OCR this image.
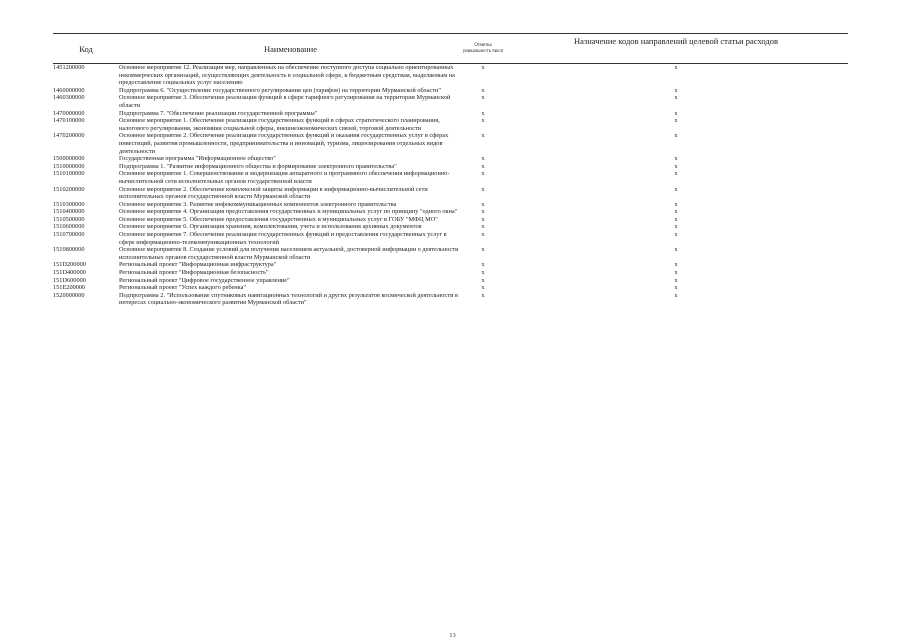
Код	Наименование	Отметка уникальность таксп	Назначение кодов направлений целевой статьи расходов
1451200000	Основное мероприятие 12. Реализация мер, направленных на обеспечение поступного доступа социально ориентированных некоммерческих организаций, осуществляющих деятельность в социальной сфере, к бюджетным средствам, выделяемым на предоставление социальных услуг населению	x	x
1460000000	Подпрограмма 6. "Осуществление государственного регулирования цен (тарифов) на территории Мурманской области"	x	x
1460300000	Основное мероприятие 3. Обеспечение реализации функций в сфере тарифного регулирования на территории Мурманской области	x	x
1470000000	Подпрограмма 7. "Обеспечение реализации государственной программы"	x	x
1470100000	Основное мероприятие 1. Обеспечение реализации государственных функций в сферах стратегического планирования, налогового регулирования, экономики социальной сферы, внешнеэкономических связей, торговой деятельности	x	x
1470200000	Основное мероприятие 2. Обеспечение реализации государственных функций и оказания государственных услуг в сферах инвестиций, развития промышленности, предпринимательства и инноваций, туризма, лицензирования отдельных видов деятельности	x	x
1500000000	Государственная программа "Информационное общество"	x	x
1510000000	Подпрограмма 1. "Развитие информационного общества и формирование электронного правительства"	x	x
1510100000	Основное мероприятие 1. Совершенствование и модернизация аппаратного и программного обеспечения информационно-вычислительной сети исполнительных органов государственной власти	x	x
1510200000	Основное мероприятие 2. Обеспечение комплексной защиты информации в информационно-вычислительной сети исполнительных органов государственной власти Мурманской области	x	x
1510300000	Основное мероприятие 3. Развитие инфокоммуникационных компонентов электронного правительства	x	x
1510400000	Основное мероприятие 4. Организация предоставления государственных и муниципальных услуг по принципу "одного окна"	x	x
1510500000	Основное мероприятие 5. Обеспечение предоставления государственных и муниципальных услуг в ГОБУ "МФЦ МО"	x	x
1510600000	Основное мероприятие 6. Организация хранения, комплектования, учета и использования архивных документов	x	x
1510700000	Основное мероприятие 7. Обеспечение реализации государственных функций и предоставления государственных услуг в сфере информационно-телекоммуникационных технологий	x	x
1510800000	Основное мероприятие 8. Создание условий для получения населением актуальной, достоверной информации о деятельности исполнительных органов государственной власти Мурманской области	x	x
151D200000	Региональный проект "Информационная инфраструктура"	x	x
151D400000	Региональный проект "Информационная безопасность"	x	x
151D600000	Региональный проект "Цифровое государственное управление"	x	x
151E200000	Региональный проект "Успех каждого ребенка"	x	x
1520000000	Подпрограмма 2. "Использование спутниковых навигационных технологий и других результатов космической деятельности в интересах социально-экономического развития Мурманской области"	x	x
13
